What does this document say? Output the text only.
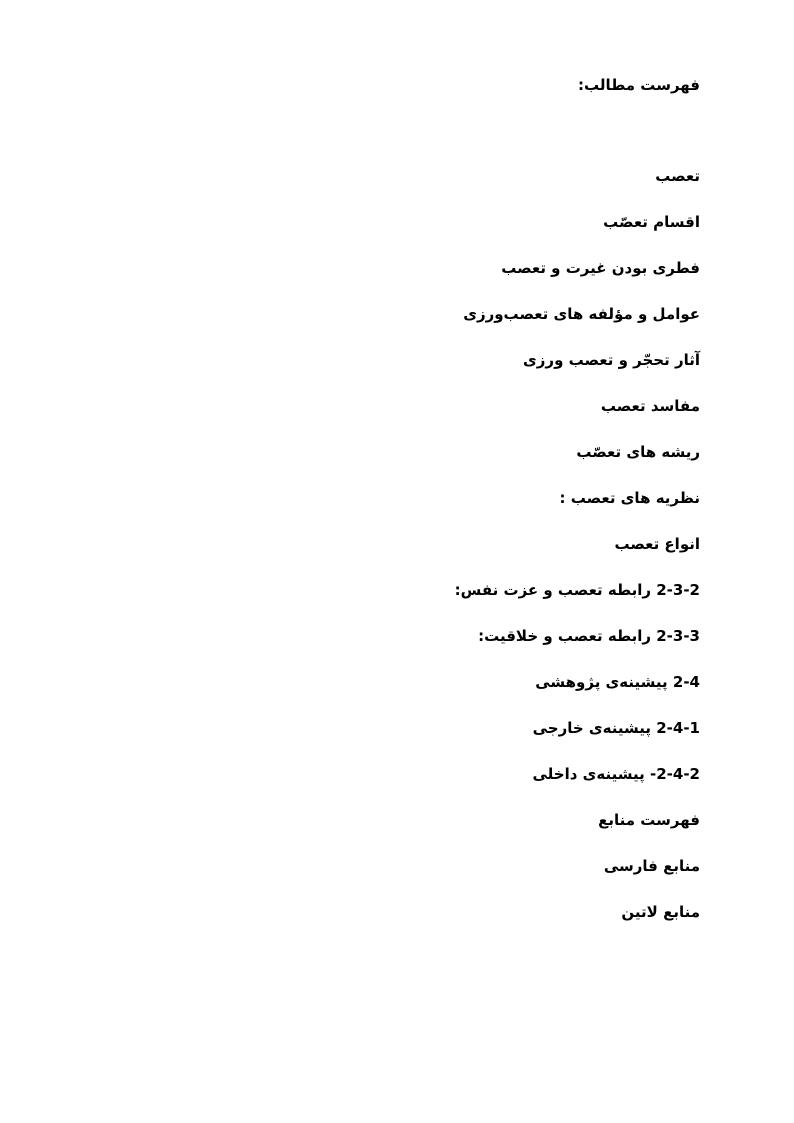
فهرست مطالب:
تعصب
اقسام تعصّب
فطری بودن غیرت و تعصب
عوامل و مؤلفه های تعصب‌ورزی
آثار تحجّر و تعصب ورزی
مفاسد تعصب
ریشه های تعصّب
نظریه های تعصب :
انواع تعصب
2-3-2 رابطه تعصب و عزت نفس:
2-3-3 رابطه تعصب و خلاقیت:
2-4 پیشینه‌ی پژوهشی
2-4-1 پیشینه‌ی خارجی
2-4-2- پیشینه‌ی داخلی
فهرست منابع
منابع فارسی
منابع لاتین
